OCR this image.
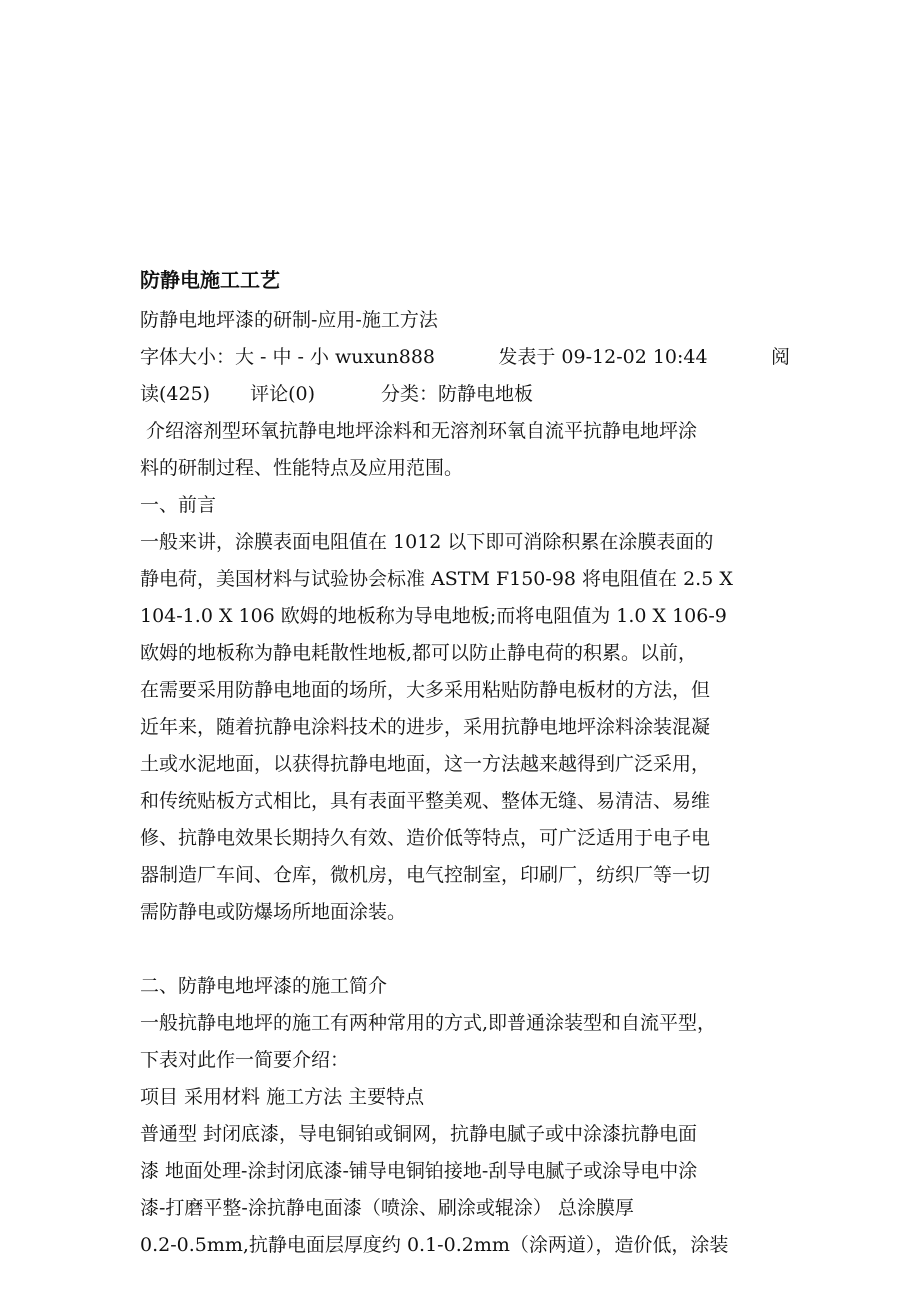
防静电施工工艺
防静电地坪漆的研制-应用-施工方法
字体大小：大 - 中 - 小 wuxun888	发表于 09-12-02 10:44	阅
读(425) 评论(0)	分类：防静电地板
介绍溶剂型环氧抗静电地坪涂料和无溶剂环氧自流平抗静电地坪涂
料的研制过程、性能特点及应用范围。
一、前言
一般来讲，涂膜表面电阻值在 1012 以下即可消除积累在涂膜表面的
静电荷，美国材料与试验协会标准 ASTM F150-98 将电阻值在 2.5 X
104-1.0 X 106 欧姆的地板称为导电地板;而将电阻值为 1.0 X 106-9
欧姆的地板称为静电耗散性地板,都可以防止静电荷的积累。以前，
在需要采用防静电地面的场所，大多采用粘贴防静电板材的方法，但
近年来，随着抗静电涂料技术的进步，采用抗静电地坪涂料涂装混凝
土或水泥地面，以获得抗静电地面，这一方法越来越得到广泛采用，
和传统贴板方式相比，具有表面平整美观、整体无缝、易清洁、易维
修、抗静电效果长期持久有效、造价低等特点，可广泛适用于电子电
器制造厂车间、仓库，微机房，电气控制室，印刷厂，纺织厂等一切
需防静电或防爆场所地面涂装。
二、防静电地坪漆的施工简介
一般抗静电地坪的施工有两种常用的方式,即普通涂装型和自流平型，
下表对此作一简要介绍：
项目 采用材料 施工方法 主要特点
普通型 封闭底漆，导电铜铂或铜网，抗静电腻子或中涂漆抗静电面
漆 地面处理-涂封闭底漆-铺导电铜铂接地-刮导电腻子或涂导电中涂
漆-打磨平整-涂抗静电面漆（喷涂、刷涂或辊涂） 总涂膜厚
0.2-0.5mm,抗静电面层厚度约 0.1-0.2mm（涂两道），造价低，涂装
